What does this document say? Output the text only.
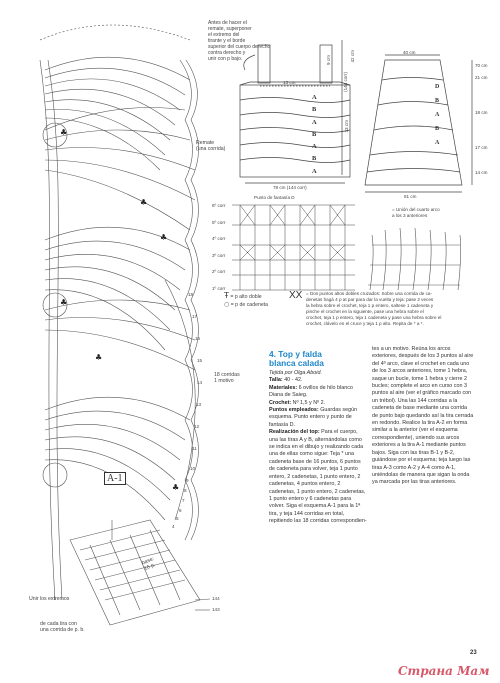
♣
♣
♣
♣
♣
♣
Remate
(una corrida)
18 corridas
1 motivo
18
17
16
15
14
13
12
11
10
9
8
7
6
5
4
A-1
base:
16 p.
144
143
Unir los extremos
de cada tira con
una corrida de p. b.
Antes de hacer el
remate, superponer
el extremo del
tirante y el borde
superior del cuerpo derecho
contra derecho y
unir con p bajo.
13 cm
42 cm
(144 corr)
33 cm
78 cm (144 corr)
9 cm
A
B
A
B
A
B
A
40 cm
81 cm
70 cm
21 cm
18 cm
17 cm
14 cm
D
B
A
B
A
Punto de fantasía D
6º corr
5º corr
4º corr
3º corr
2º corr
1º corr
= Unión del cuarto arco
a los 3 anteriores
Ŧ = p alto doble
○ = p de cadeneta
XX = Dos puntos altos dobles cruzados: Sobre una corrida de ca-
denetas hagá 4 p at par para dar la vuelta y teja: pase 2 veces
la hebra sobre el crochet, teja 1 p entero, saltese 1 cadeneta y
pinche el crochet en la siguiente, pase una hebra sobre el
crochet, teja 1 p entero, teja 1 cadeneta y pase una hebra sobre el
crochet, clávelo en el cruce y teja 1 p alto. Repita de * a *.
4. Top y falda
blanca calada
Tejida por Olga Aboid.
Talla: 40 - 42.
Materiales: 6 ovillos de hilo blanco Diana de Saieg.
Crochet: Nº 1,5 y Nº 2.
Puntos empleados: Guardas según esquema. Punto entero y punto de fantasía D.
Realización del top: Para el cuerpo, una las tiras A y B, alternándolas como se indica en el dibujo y realizando cada una de ellas como sigue: Teja * una cadeneta base de 16 puntos, 6 puntos de cadeneta para volver, teja 1 punto entero, 2 cadenetas, 1 punto entero, 2 cadenetas, 4 puntos entero, 2 cadenetas, 1 punto entero, 2 cadenetas, 1 punto entero y 6 cadenetas para volver. Siga el esquema A-1 para la 1ª tira, y teja 144 corridas en total, repitiendo las 18 corridas correspondien-
tes a un motivo. Reúna los arcos exteriores, después de los 3 puntos al aire del 4º arco, clave el crochet en cada uno de los 3 arcos anteriores, tome 1 hebra, saque un bucle, tome 1 hebra y cierre 2 bucles; complete el arco en curso con 3 puntos al aire (ver el gráfico marcado con un trébol). Una las 144 corridas a la cadeneta de base mediante una corrida de punto bajo quedando así la tira cerrada en redondo. Realice la tira A-2 en forma similar a la anterior (ver el esquema correspondiente), uniendo sus arcos exteriores a la tira A-1 mediante puntos bajos. Siga con las tiras B-1 y B-2, guiándose por el esquema; teja luego las tiras A-3 como A-2 y A-4 como A-1, uniéndolas de manera que sigan la onda ya marcada por las tiras anteriores.
23
Страна Мам
